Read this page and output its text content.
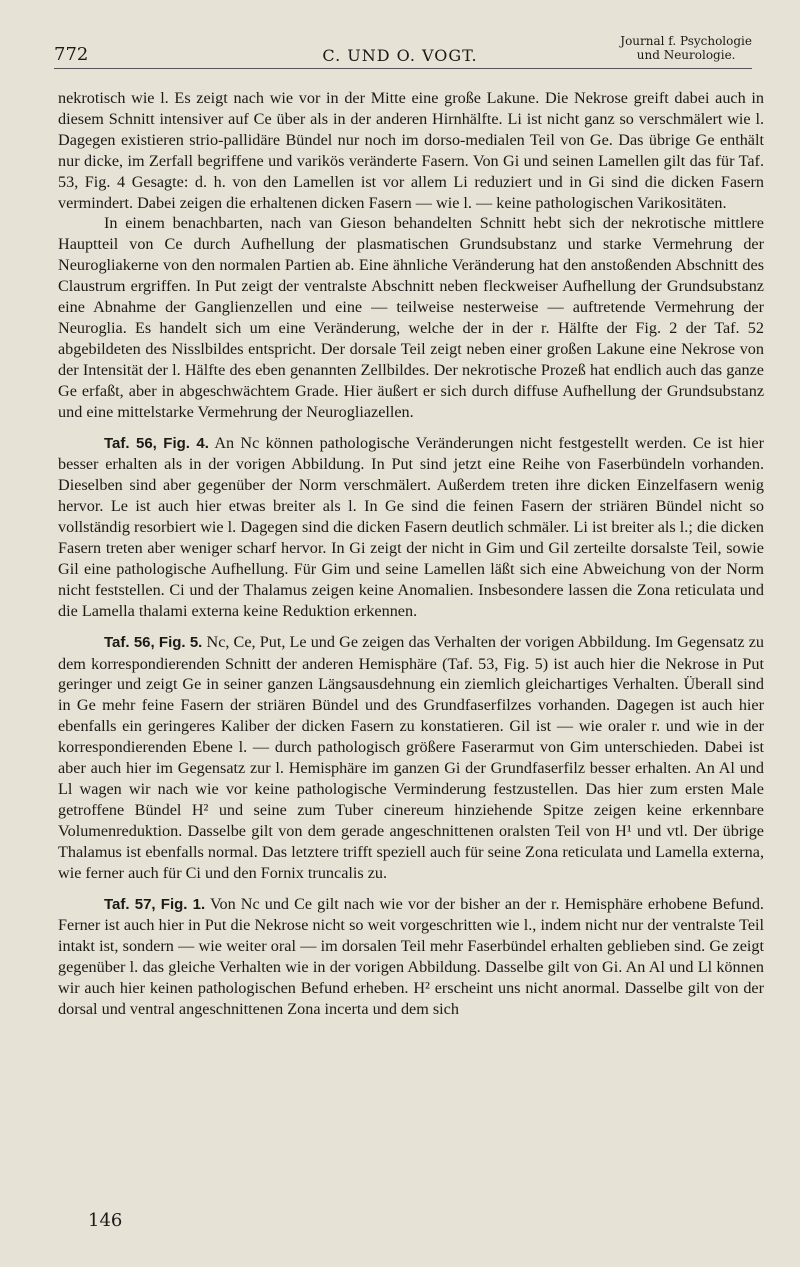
772	C. UND O. VOGT.
Journal f. Psychologie
und Neurologie.

nekrotisch wie l. Es zeigt nach wie vor in der Mitte eine große Lakune. Die Nekrose greift dabei auch in diesem Schnitt intensiver auf Ce über als in der anderen Hirnhälfte. Li ist nicht ganz so verschmälert wie l. Dagegen existieren strio-pallidäre Bündel nur noch im dorso-medialen Teil von Ge. Das übrige Ge enthält nur dicke, im Zerfall begriffene und varikös veränderte Fasern. Von Gi und seinen Lamellen gilt das für Taf. 53, Fig. 4 Gesagte: d. h. von den Lamellen ist vor allem Li reduziert und in Gi sind die dicken Fasern vermindert. Dabei zeigen die erhaltenen dicken Fasern — wie l. — keine pathologischen Varikositäten.

In einem benachbarten, nach van Gieson behandelten Schnitt hebt sich der nekrotische mittlere Hauptteil von Ce durch Aufhellung der plasmatischen Grundsubstanz und starke Vermehrung der Neurogliakerne von den normalen Partien ab. Eine ähnliche Veränderung hat den anstoßenden Abschnitt des Claustrum ergriffen. In Put zeigt der ventralste Abschnitt neben fleckweiser Aufhellung der Grundsubstanz eine Abnahme der Ganglienzellen und eine — teilweise nesterweise — auftretende Vermehrung der Neuroglia. Es handelt sich um eine Veränderung, welche der in der r. Hälfte der Fig. 2 der Taf. 52 abgebildeten des Nisslbildes entspricht. Der dorsale Teil zeigt neben einer großen Lakune eine Nekrose von der Intensität der l. Hälfte des eben genannten Zellbildes. Der nekrotische Prozeß hat endlich auch das ganze Ge erfaßt, aber in abgeschwächtem Grade. Hier äußert er sich durch diffuse Aufhellung der Grundsubstanz und eine mittelstarke Vermehrung der Neurogliazellen.

Taf. 56, Fig. 4. An Nc können pathologische Veränderungen nicht festgestellt werden. Ce ist hier besser erhalten als in der vorigen Abbildung. In Put sind jetzt eine Reihe von Faserbündeln vorhanden. Dieselben sind aber gegenüber der Norm verschmälert. Außerdem treten ihre dicken Einzelfasern wenig hervor. Le ist auch hier etwas breiter als l. In Ge sind die feinen Fasern der striären Bündel nicht so vollständig resorbiert wie l. Dagegen sind die dicken Fasern deutlich schmäler. Li ist breiter als l.; die dicken Fasern treten aber weniger scharf hervor. In Gi zeigt der nicht in Gim und Gil zerteilte dorsalste Teil, sowie Gil eine pathologische Aufhellung. Für Gim und seine Lamellen läßt sich eine Abweichung von der Norm nicht feststellen. Ci und der Thalamus zeigen keine Anomalien. Insbesondere lassen die Zona reticulata und die Lamella thalami externa keine Reduktion erkennen.

Taf. 56, Fig. 5. Nc, Ce, Put, Le und Ge zeigen das Verhalten der vorigen Abbildung. Im Gegensatz zu dem korrespondierenden Schnitt der anderen Hemisphäre (Taf. 53, Fig. 5) ist auch hier die Nekrose in Put geringer und zeigt Ge in seiner ganzen Längsausdehnung ein ziemlich gleichartiges Verhalten. Überall sind in Ge mehr feine Fasern der striären Bündel und des Grundfaserfilzes vorhanden. Dagegen ist auch hier ebenfalls ein geringeres Kaliber der dicken Fasern zu konstatieren. Gil ist — wie oraler r. und wie in der korrespondierenden Ebene l. — durch pathologisch größere Faserarmut von Gim unterschieden. Dabei ist aber auch hier im Gegensatz zur l. Hemisphäre im ganzen Gi der Grundfaserfilz besser erhalten. An Al und Ll wagen wir nach wie vor keine pathologische Verminderung festzustellen. Das hier zum ersten Male getroffene Bündel H² und seine zum Tuber cinereum hinziehende Spitze zeigen keine erkennbare Volumenreduktion. Dasselbe gilt von dem gerade angeschnittenen oralsten Teil von H¹ und vtl. Der übrige Thalamus ist ebenfalls normal. Das letztere trifft speziell auch für seine Zona reticulata und Lamella externa, wie ferner auch für Ci und den Fornix truncalis zu.

Taf. 57, Fig. 1. Von Nc und Ce gilt nach wie vor der bisher an der r. Hemisphäre erhobene Befund. Ferner ist auch hier in Put die Nekrose nicht so weit vorgeschritten wie l., indem nicht nur der ventralste Teil intakt ist, sondern — wie weiter oral — im dorsalen Teil mehr Faserbündel erhalten geblieben sind. Ge zeigt gegenüber l. das gleiche Verhalten wie in der vorigen Abbildung. Dasselbe gilt von Gi. An Al und Ll können wir auch hier keinen pathologischen Befund erheben. H² erscheint uns nicht anormal. Dasselbe gilt von der dorsal und ventral angeschnittenen Zona incerta und dem sich

146
